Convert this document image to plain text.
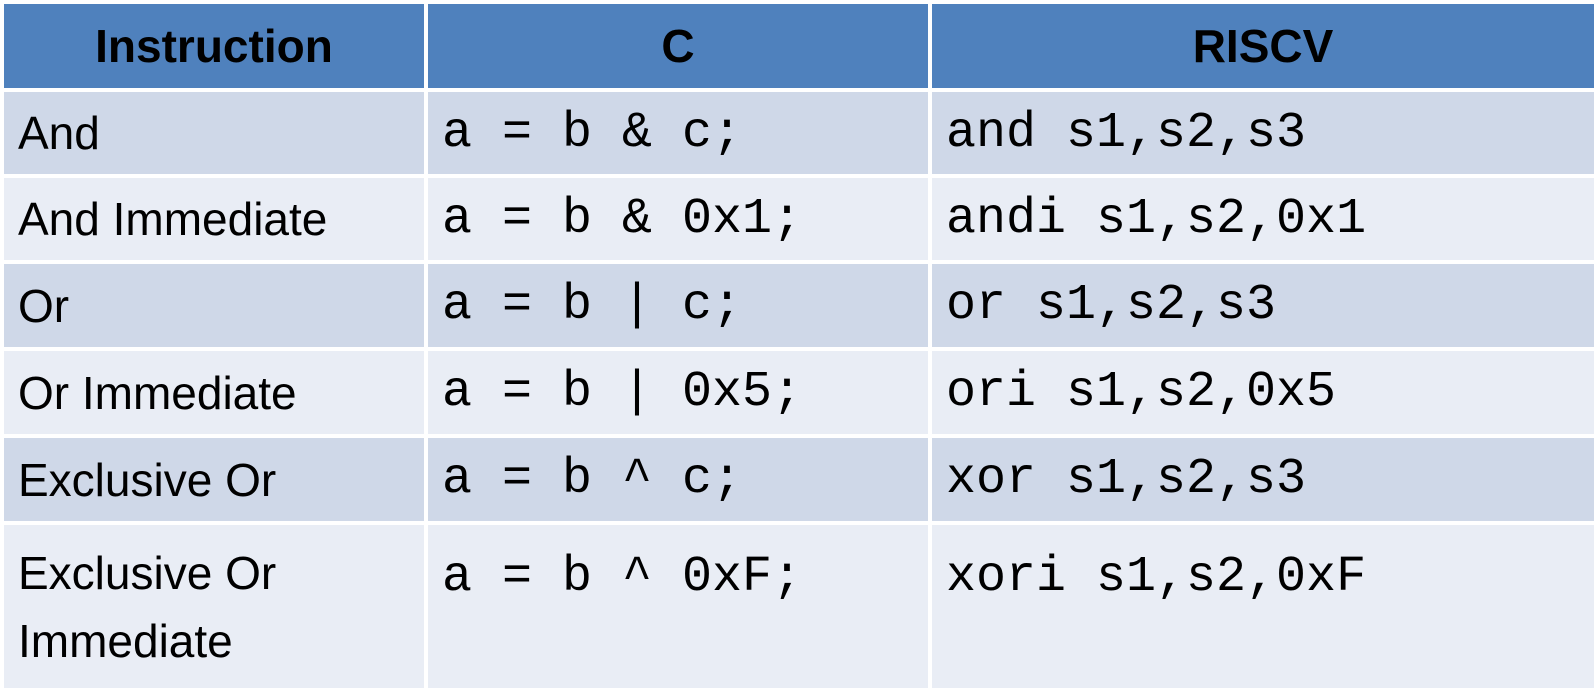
Instruction	C	RISCV
And	a = b & c;	and s1,s2,s3
And Immediate	a = b & 0x1;	andi s1,s2,0x1
Or	a = b | c;	or s1,s2,s3
Or Immediate	a = b | 0x5;	ori s1,s2,0x5
Exclusive Or	a = b ^ c;	xor s1,s2,s3
Exclusive Or Immediate	a = b ^ 0xF;	xori s1,s2,0xF
